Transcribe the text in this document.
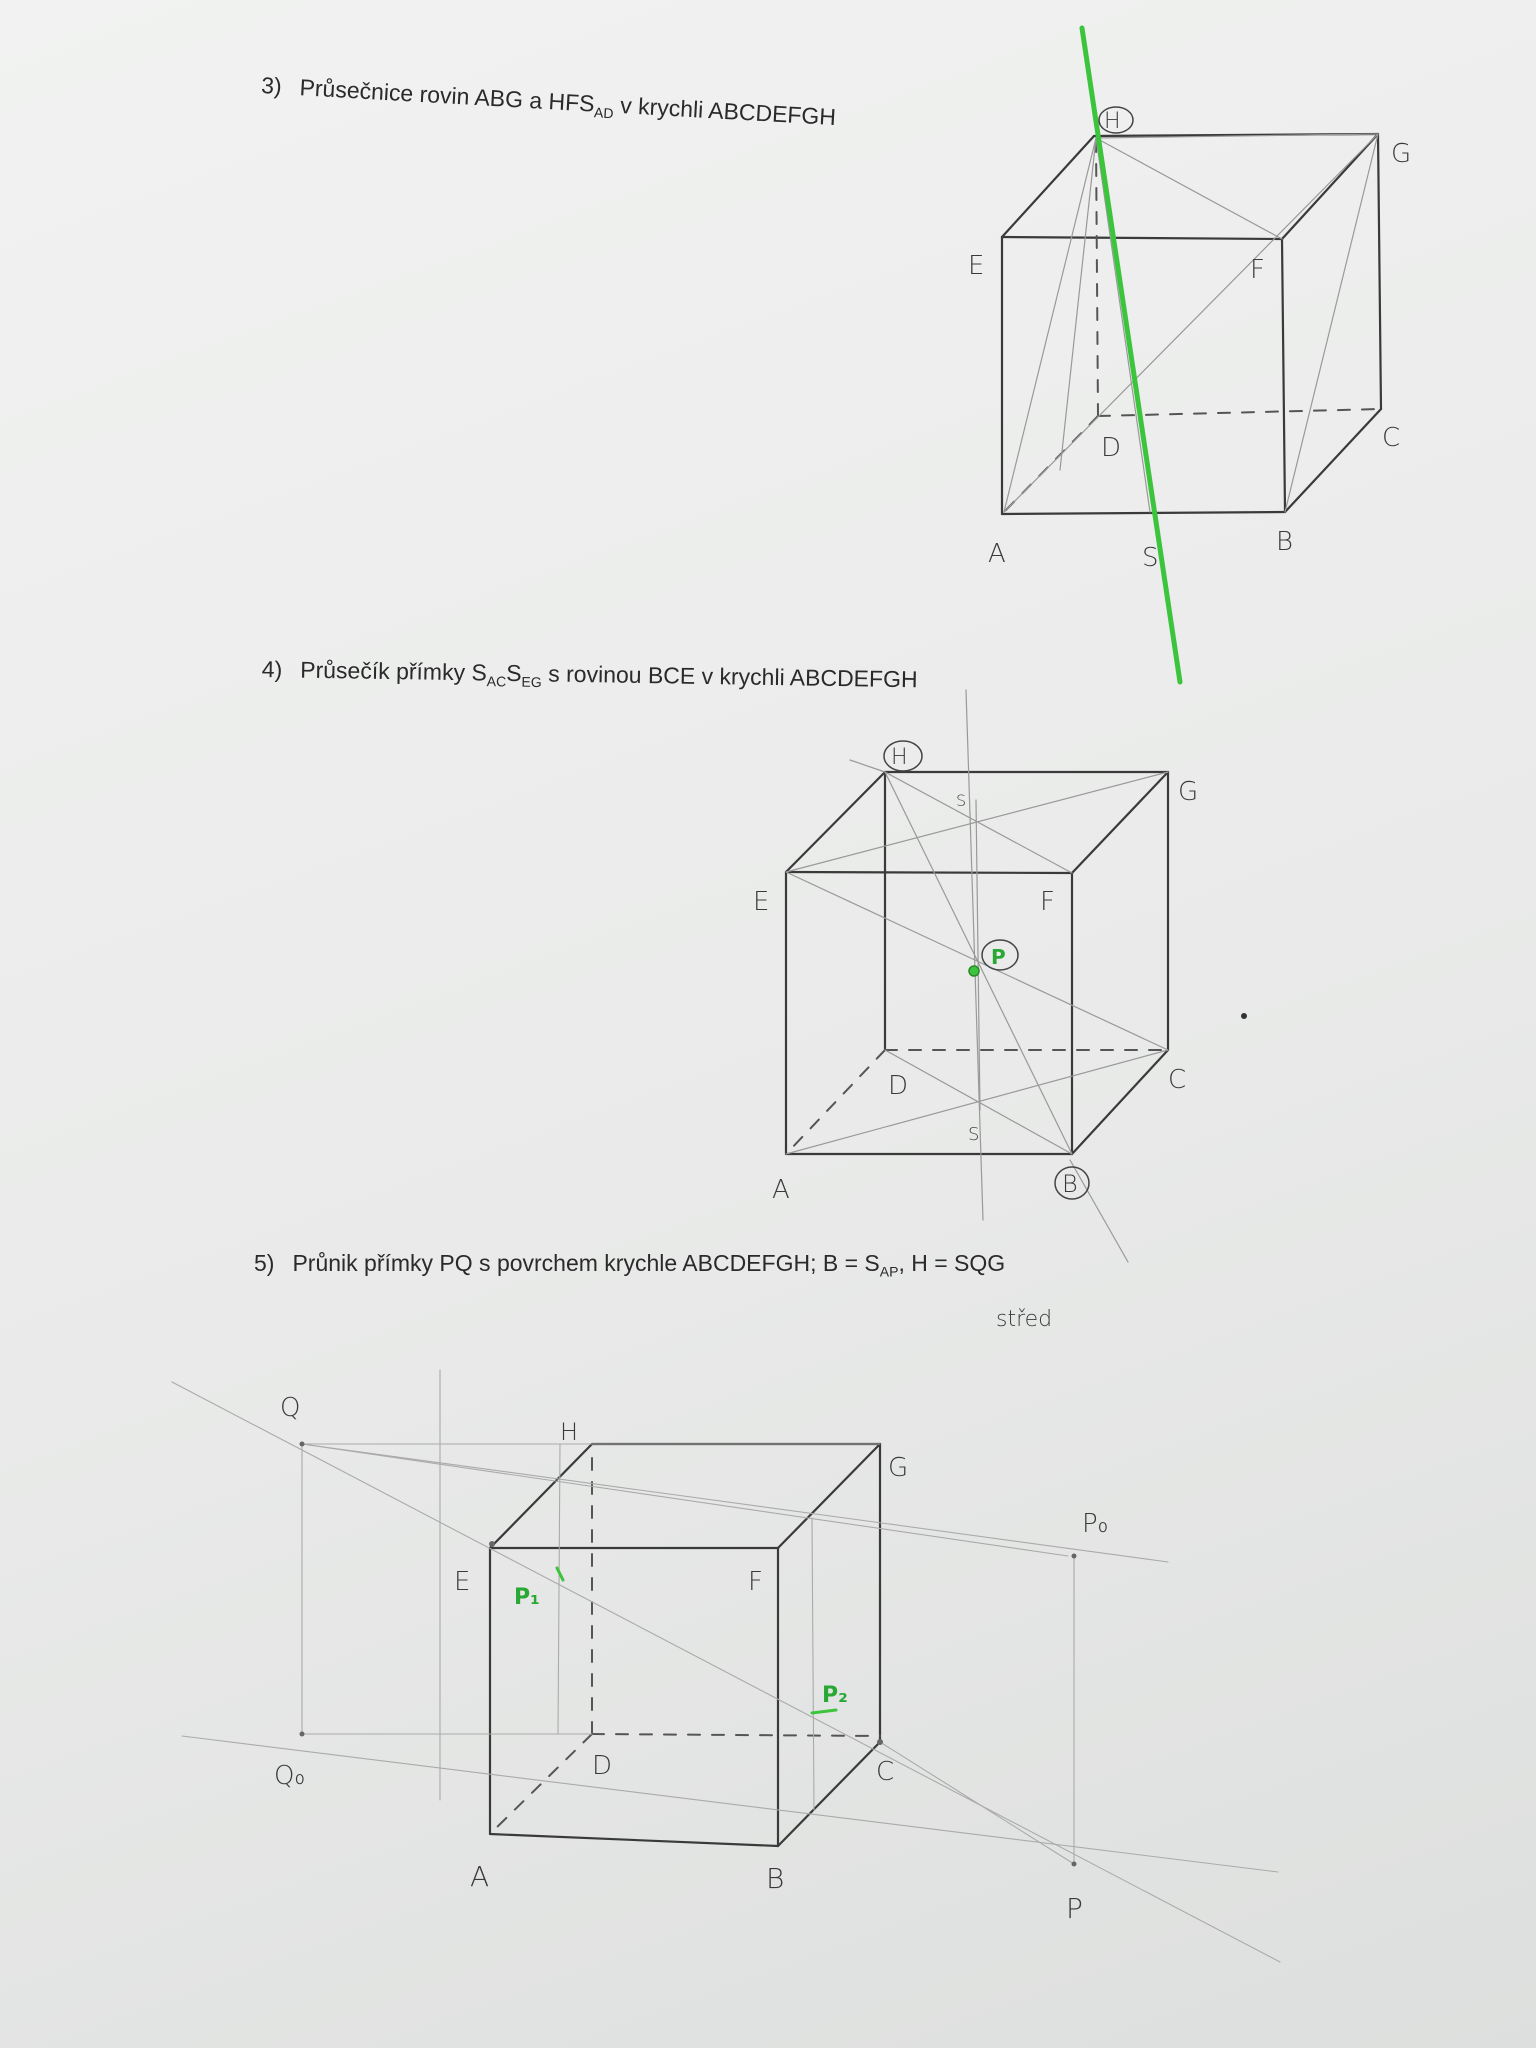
3) Průsečnice rovin ABG a $HFS_{AD}$ v krychli ABCDEFGH

4) Průsečík přímky $S_{AC}S_{EG}$ s rovinou BCE v krychli ABCDEFGH

5) Průnik přímky PQ s povrchem krychle ABCDEFGH; $B = S_{AP}$, H = SQG

H
G
E	F
D	C
A	S
B
H
G
S
E	F
P
D	C
S
A	B
Q
H
G
P₀
E	F
P₁
P₂
D
Q₀	C
A	B
P
střed
